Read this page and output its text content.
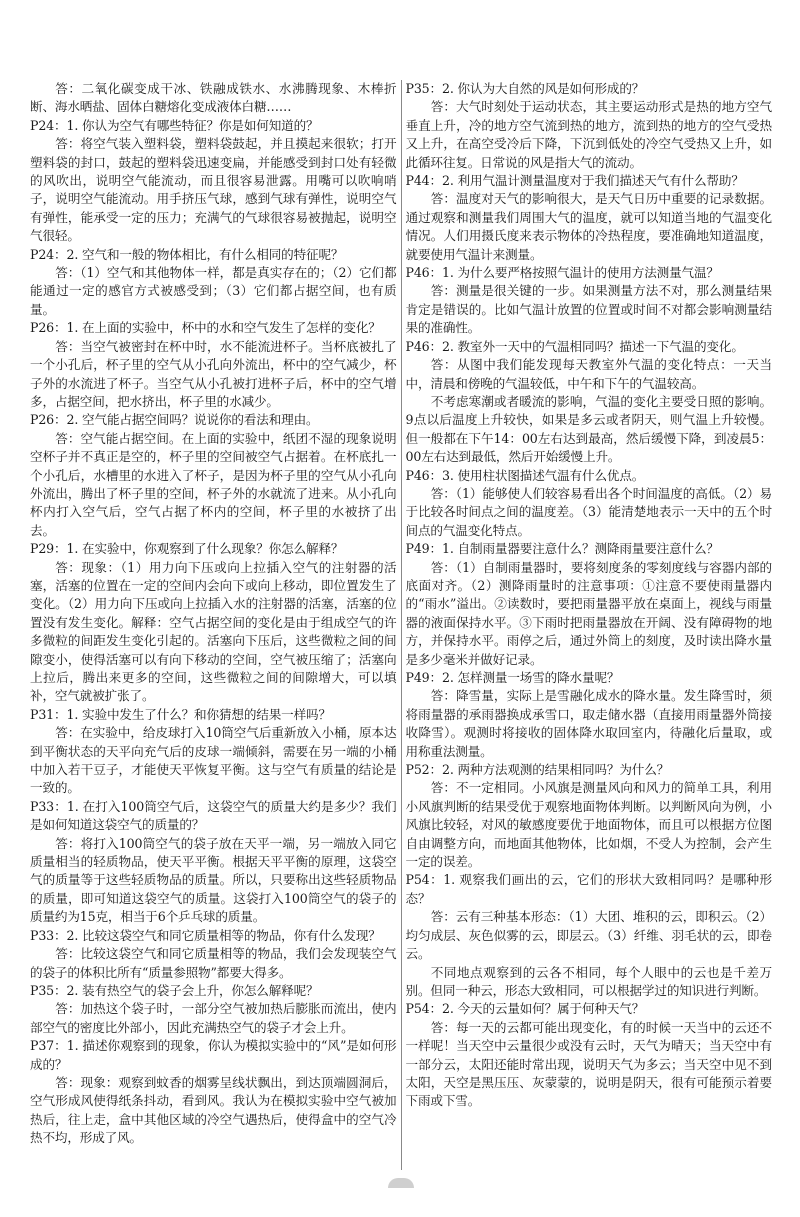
答：二氧化碳变成干冰、铁融成铁水、水沸腾现象、木棒折断、海水晒盐、固体白糖熔化变成液体白糖……

P24：1. 你认为空气有哪些特征？你是如何知道的？

答：将空气装入塑料袋，塑料袋鼓起，并且摸起来很软；打开塑料袋的封口，鼓起的塑料袋迅速变扁，并能感受到封口处有轻微的风吹出，说明空气能流动，而且很容易泄露。用嘴可以吹响哨子，说明空气能流动。用手挤压气球，感到气球有弹性，说明空气有弹性，能承受一定的压力；充满气的气球很容易被抛起，说明空气很轻。

P24：2. 空气和一般的物体相比，有什么相同的特征呢？

答：（1）空气和其他物体一样，都是真实存在的；（2）它们都能通过一定的感官方式被感受到；（3）它们都占据空间，也有质量。

P26：1. 在上面的实验中，杯中的水和空气发生了怎样的变化？

答：当空气被密封在杯中时，水不能流进杯子。当杯底被扎了一个小孔后，杯子里的空气从小孔向外流出，杯中的空气减少，杯子外的水流进了杯子。当空气从小孔被打进杯子后，杯中的空气增多，占据空间，把水挤出，杯子里的水减少。

P26：2. 空气能占据空间吗？说说你的看法和理由。

答：空气能占据空间。在上面的实验中，纸团不湿的现象说明空杯子并不真正是空的，杯子里的空间被空气占据着。在杯底扎一个小孔后，水槽里的水进入了杯子，是因为杯子里的空气从小孔向外流出，腾出了杯子里的空间，杯子外的水就流了进来。从小孔向杯内打入空气后，空气占据了杯内的空间，杯子里的水被挤了出去。

P29：1. 在实验中，你观察到了什么现象？你怎么解释？

答：现象：（1）用力向下压或向上拉插入空气的注射器的活塞，活塞的位置在一定的空间内会向下或向上移动，即位置发生了变化。（2）用力向下压或向上拉插入水的注射器的活塞，活塞的位置没有发生变化。解释：空气占据空间的变化是由于组成空气的许多微粒的间距发生变化引起的。活塞向下压后，这些微粒之间的间隙变小，使得活塞可以有向下移动的空间，空气被压缩了；活塞向上拉后，腾出来更多的空间，这些微粒之间的间隙增大，可以填补，空气就被扩张了。

P31：1. 实验中发生了什么？和你猜想的结果一样吗？

答：在实验中，给皮球打入10筒空气后重新放入小桶，原本达到平衡状态的天平向充气后的皮球一端倾斜，需要在另一端的小桶中加入若干豆子，才能使天平恢复平衡。这与空气有质量的结论是一致的。

P33：1. 在打入100筒空气后，这袋空气的质量大约是多少？我们是如何知道这袋空气的质量的？

答：将打入100筒空气的袋子放在天平一端，另一端放入同它质量相当的轻质物品，使天平平衡。根据天平平衡的原理，这袋空气的质量等于这些轻质物品的质量。所以，只要称出这些轻质物品的质量，即可知道这袋空气的质量。这袋打入100筒空气的袋子的质量约为15克，相当于6个乒乓球的质量。

P33：2. 比较这袋空气和同它质量相等的物品，你有什么发现？

答：比较这袋空气和同它质量相等的物品，我们会发现装空气的袋子的体积比所有“质量参照物”都要大得多。

P35：2. 装有热空气的袋子会上升，你怎么解释呢？

答：加热这个袋子时，一部分空气被加热后膨胀而流出，使内部空气的密度比外部小，因此充满热空气的袋子才会上升。

P37：1. 描述你观察到的现象，你认为模拟实验中的“风”是如何形成的？

答：现象：观察到蚊香的烟雾呈线状飘出，到达顶端圆洞后，空气形成风使得纸条抖动，看到风。我认为在模拟实验中空气被加热后，往上走，盒中其他区域的冷空气遇热后，使得盒中的空气冷热不均，形成了风。

P35：2. 你认为大自然的风是如何形成的？

答：大气时刻处于运动状态，其主要运动形式是热的地方空气垂直上升，冷的地方空气流到热的地方，流到热的地方的空气受热又上升，在高空受冷后下降，下沉到低处的冷空气受热又上升，如此循环往复。日常说的风是指大气的流动。

P44：2. 利用气温计测量温度对于我们描述天气有什么帮助？

答：温度对天气的影响很大，是天气日历中重要的记录数据。通过观察和测量我们周围大气的温度，就可以知道当地的气温变化情况。人们用摄氏度来表示物体的冷热程度，要准确地知道温度，就要使用气温计来测量。

P46：1. 为什么要严格按照气温计的使用方法测量气温？

答：测量是很关键的一步。如果测量方法不对，那么测量结果肯定是错误的。比如气温计放置的位置或时间不对都会影响测量结果的准确性。

P46：2. 教室外一天中的气温相同吗？描述一下气温的变化。

答：从图中我们能发现每天教室外气温的变化特点：一天当中，清晨和傍晚的气温较低，中午和下午的气温较高。

不考虑寒潮或者暖流的影响，气温的变化主要受日照的影响。9点以后温度上升较快，如果是多云或者阴天，则气温上升较慢。但一般都在下午14：00左右达到最高，然后缓慢下降，到凌晨5：00左右达到最低，然后开始缓慢上升。

P46：3. 使用柱状图描述气温有什么优点。

答：（1）能够使人们较容易看出各个时间温度的高低。（2）易于比较各时间点之间的温度差。（3）能清楚地表示一天中的五个时间点的气温变化特点。

P49：1. 自制雨量器要注意什么？测降雨量要注意什么？

答：（1）自制雨量器时，要将刻度条的零刻度线与容器内部的底面对齐。（2）测降雨量时的注意事项：①注意不要使雨量器内的“雨水”溢出。②读数时，要把雨量器平放在桌面上，视线与雨量器的液面保持水平。③下雨时把雨量器放在开阔、没有障碍物的地方，并保持水平。雨停之后，通过外筒上的刻度，及时读出降水量是多少毫米并做好记录。

P49：2. 怎样测量一场雪的降水量呢？

答：降雪量，实际上是雪融化成水的降水量。发生降雪时，须将雨量器的承雨器换成承雪口，取走储水器（直接用雨量器外筒接收降雪）。观测时将接收的固体降水取回室内，待融化后量取，或用称重法测量。

P52：2. 两种方法观测的结果相同吗？为什么？

答：不一定相同。小风旗是测量风向和风力的简单工具，利用小风旗判断的结果受优于观察地面物体判断。以判断风向为例，小风旗比较轻，对风的敏感度要优于地面物体，而且可以根据方位图自由调整方向，而地面其他物体，比如烟，不受人为控制，会产生一定的误差。

P54：1. 观察我们画出的云，它们的形状大致相同吗？是哪种形态？

答：云有三种基本形态：（1）大团、堆积的云，即积云。（2）均匀成层、灰色似雾的云，即层云。（3）纤维、羽毛状的云，即卷云。

不同地点观察到的云各不相同，每个人眼中的云也是千差万别。但同一种云，形态大致相同，可以根据学过的知识进行判断。

P54：2. 今天的云量如何？属于何种天气？

答：每一天的云都可能出现变化，有的时候一天当中的云还不一样呢！当天空中云量很少或没有云时，天气为晴天；当天空中有一部分云，太阳还能时常出现，说明天气为多云；当天空中见不到太阳，天空是黑压压、灰蒙蒙的，说明是阴天，很有可能预示着要下雨或下雪。
